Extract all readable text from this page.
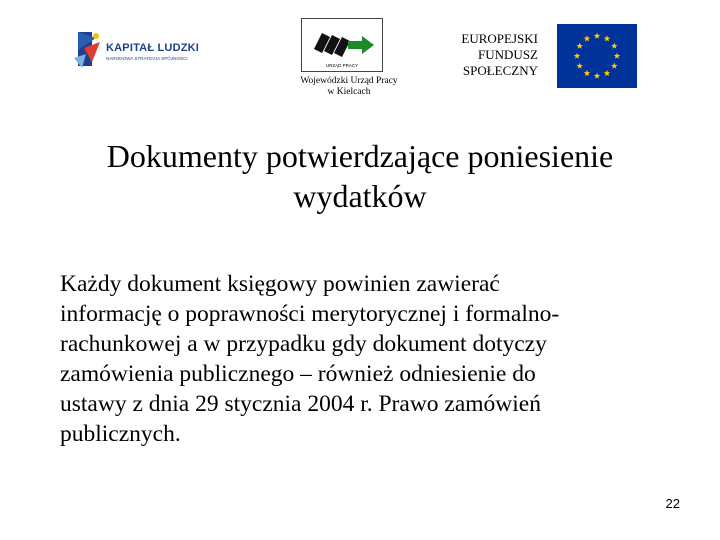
KAPITAŁ LUDZKI
NARODOWA STRATEGIA SPÓJNOŚCI
URZĄD PRACY
Wojewódzki Urząd Pracy
w Kielcach
EUROPEJSKI
FUNDUSZ
SPOŁECZNY
Dokumenty potwierdzające poniesienie
wydatków
Każdy dokument księgowy powinien zawierać
informację o poprawności merytorycznej i formalno-
rachunkowej a w przypadku gdy dokument dotyczy
zamówienia publicznego – również odniesienie do
ustawy z dnia 29 stycznia 2004 r. Prawo zamówień
publicznych.
22
